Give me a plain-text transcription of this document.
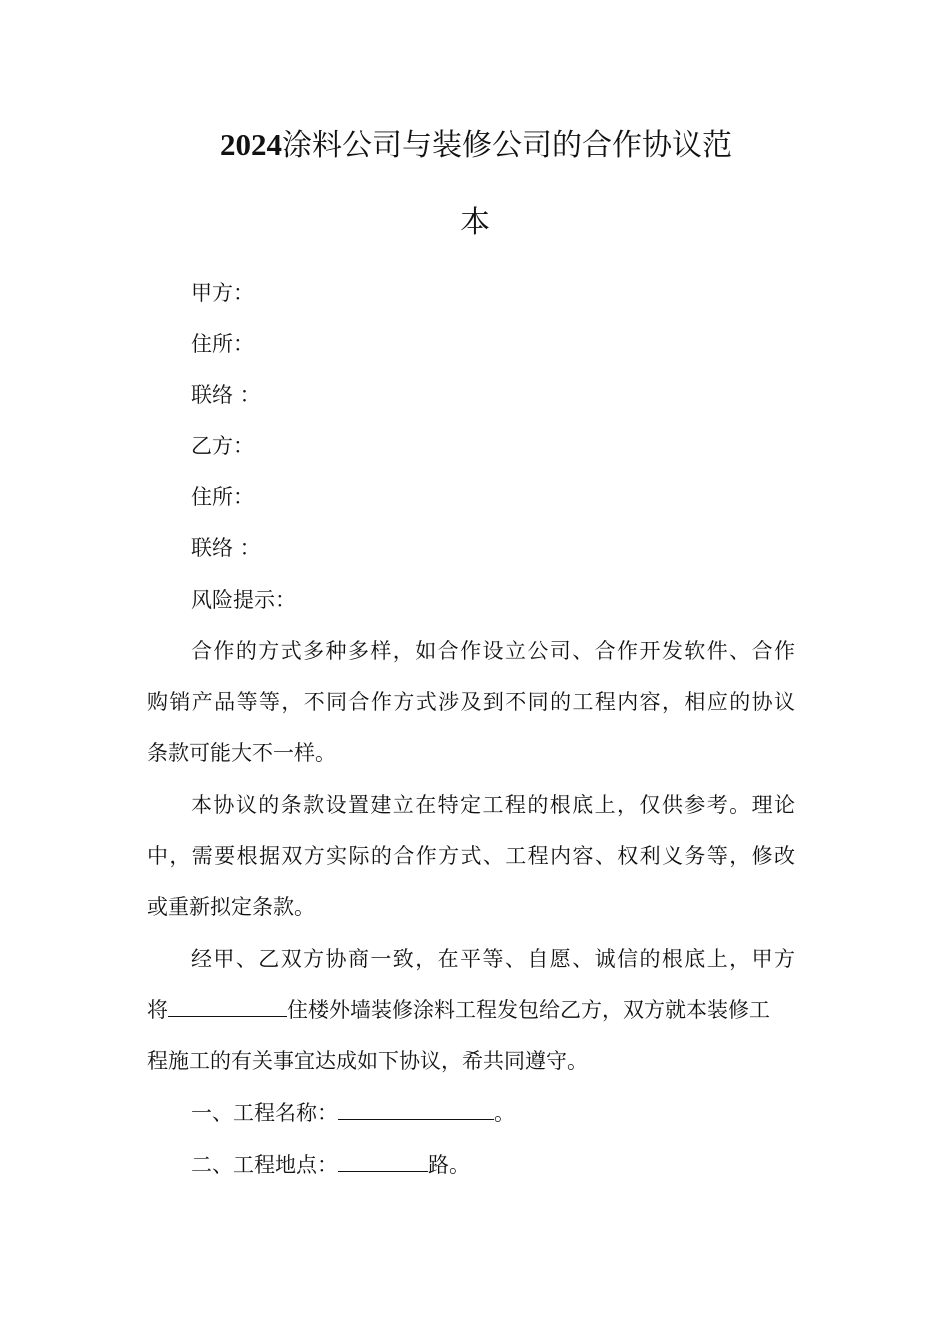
2024涂料公司与装修公司的合作协议范
本
甲方：
住所：
联络 ：
乙方：
住所：
联络 ：
风险提示：
合作的方式多种多样，如合作设立公司、合作开发软件、合作
购销产品等等，不同合作方式涉及到不同的工程内容，相应的协议
条款可能大不一样。
本协议的条款设置建立在特定工程的根底上，仅供参考。理论
中，需要根据双方实际的合作方式、工程内容、权利义务等，修改
或重新拟定条款。
经甲、乙双方协商一致，在平等、自愿、诚信的根底上，甲方
将	住楼外墙装修涂料工程发包给乙方，双方就本装修工
程施工的有关事宜达成如下协议，希共同遵守。
一、工程名称：	。
二、工程地点：	路。
